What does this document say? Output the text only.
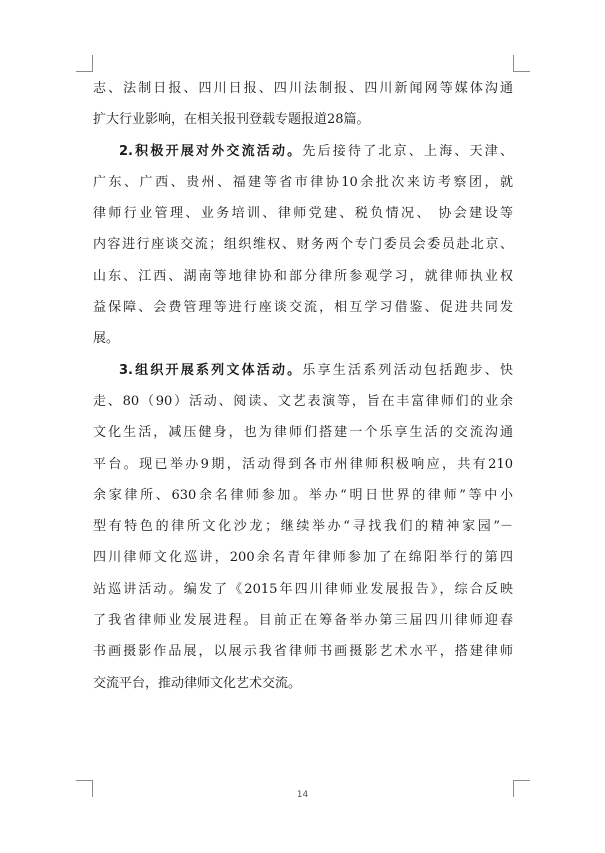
志、法制日报、四川日报、四川法制报、四川新闻网等媒体沟通
扩大行业影响，在相关报刊登载专题报道28篇。
2.积极开展对外交流活动。先后接待了北京、上海、天津、
广东、广西、贵州、福建等省市律协10余批次来访考察团，就
律师行业管理、业务培训、律师党建、税负情况、 协会建设等
内容进行座谈交流；组织维权、财务两个专门委员会委员赴北京、
山东、江西、湖南等地律协和部分律所参观学习，就律师执业权
益保障、会费管理等进行座谈交流，相互学习借鉴、促进共同发
展。
3.组织开展系列文体活动。乐享生活系列活动包括跑步、快
走、80（90）活动、阅读、文艺表演等，旨在丰富律师们的业余
文化生活，减压健身，也为律师们搭建一个乐享生活的交流沟通
平台。现已举办9期，活动得到各市州律师积极响应，共有210
余家律所、630余名律师参加。举办“明日世界的律师”等中小
型有特色的律所文化沙龙；继续举办“寻找我们的精神家园”－
四川律师文化巡讲，200余名青年律师参加了在绵阳举行的第四
站巡讲活动。编发了《2015年四川律师业发展报告》，综合反映
了我省律师业发展进程。目前正在筹备举办第三届四川律师迎春
书画摄影作品展，以展示我省律师书画摄影艺术水平，搭建律师
交流平台，推动律师文化艺术交流。
14
